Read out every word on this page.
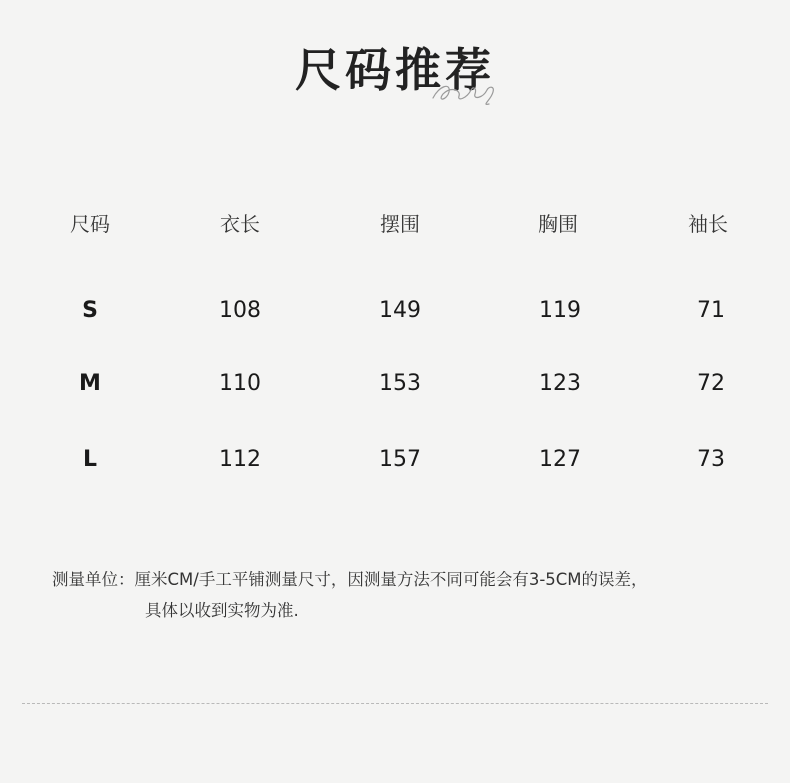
尺码推荐
尺码	衣长	摆围	胸围	袖长
S	108	149	119	71
M	110	153	123	72
L	112	157	127	73
测量单位：厘米CM/手工平铺测量尺寸，因测量方法不同可能会有3-5CM的误差，
具体以收到实物为准.
